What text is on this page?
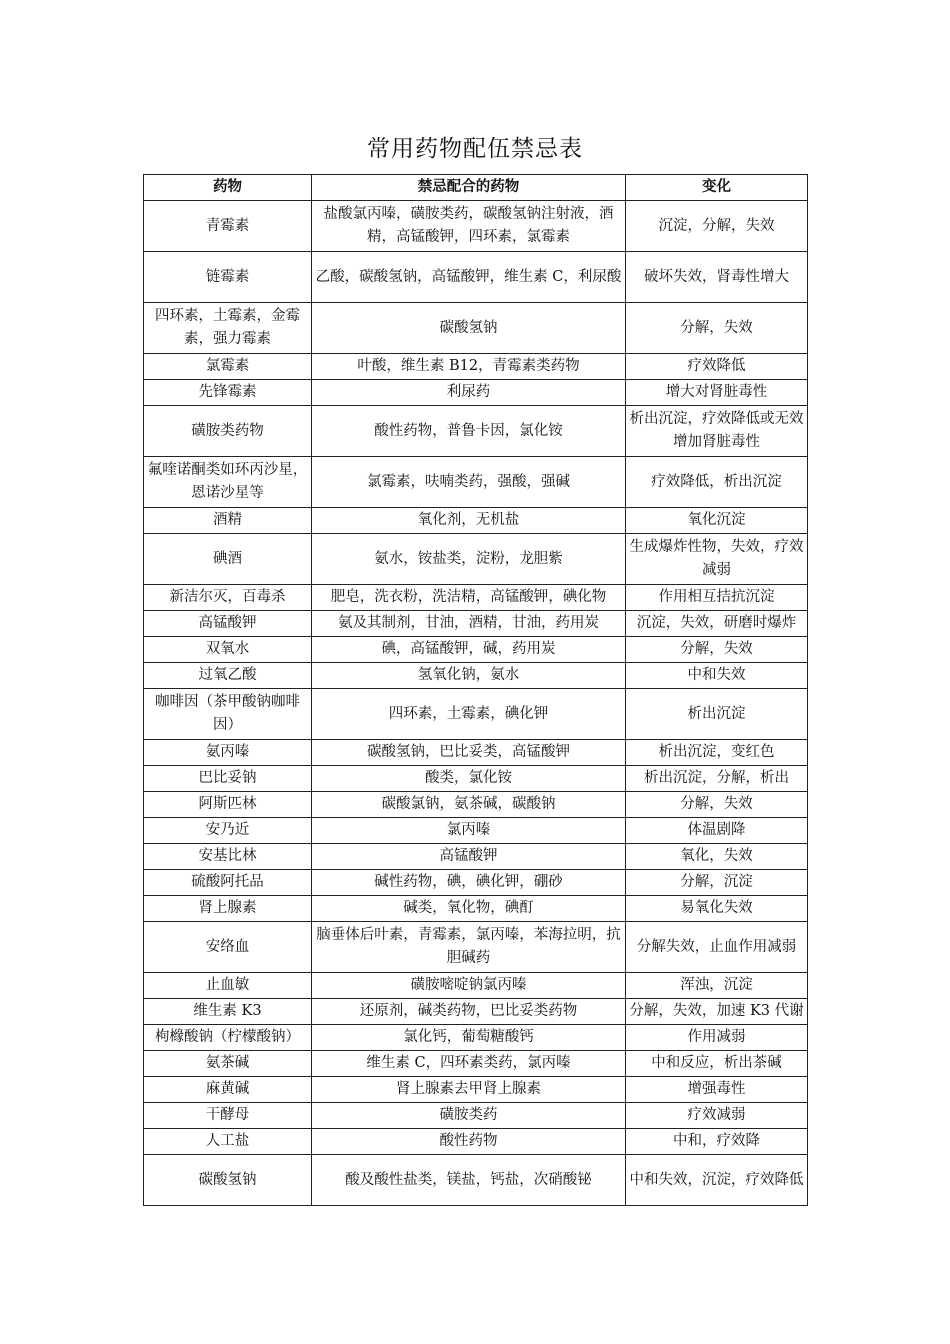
常用药物配伍禁忌表
药物	禁忌配合的药物	变化
青霉素	盐酸氯丙嗪，磺胺类药，碳酸氢钠注射液，酒精，高锰酸钾，四环素，氯霉素	沉淀，分解，失效
链霉素	乙酸，碳酸氢钠，高锰酸钾，维生素 C，利尿酸	破坏失效，肾毒性增大
四环素，土霉素，金霉素，强力霉素	碳酸氢钠	分解，失效
氯霉素	叶酸，维生素 B12，青霉素类药物	疗效降低
先锋霉素	利尿药	增大对肾脏毒性
磺胺类药物	酸性药物，普鲁卡因，氯化铵	析出沉淀，疗效降低或无效增加肾脏毒性
氟喹诺酮类如环丙沙星，恩诺沙星等	氯霉素，呋喃类药，强酸，强碱	疗效降低，析出沉淀
酒精	氧化剂，无机盐	氧化沉淀
碘酒	氨水，铵盐类，淀粉，龙胆紫	生成爆炸性物，失效，疗效减弱
新洁尔灭，百毒杀	肥皂，洗衣粉，洗洁精，高锰酸钾，碘化物	作用相互拮抗沉淀
高锰酸钾	氨及其制剂，甘油，酒精，甘油，药用炭	沉淀，失效，研磨时爆炸
双氧水	碘，高锰酸钾，碱，药用炭	分解，失效
过氧乙酸	氢氧化钠，氨水	中和失效
咖啡因（茶甲酸钠咖啡因）	四环素，土霉素，碘化钾	析出沉淀
氨丙嗪	碳酸氢钠，巴比妥类，高锰酸钾	析出沉淀，变红色
巴比妥钠	酸类，氯化铵	析出沉淀，分解，析出
阿斯匹林	碳酸氯钠，氨茶碱，碳酸钠	分解，失效
安乃近	氯丙嗪	体温剧降
安基比林	高锰酸钾	氧化，失效
硫酸阿托品	碱性药物，碘，碘化钾，硼砂	分解，沉淀
肾上腺素	碱类，氧化物，碘酊	易氧化失效
安络血	脑垂体后叶素，青霉素，氯丙嗪，苯海拉明，抗胆碱药	分解失效，止血作用减弱
止血敏	磺胺嘧啶钠氯丙嗪	浑浊，沉淀
维生素 K3	还原剂，碱类药物，巴比妥类药物	分解，失效，加速 K3 代谢
枸橼酸钠（柠檬酸钠）	氯化钙，葡萄糖酸钙	作用减弱
氨茶碱	维生素 C，四环素类药，氯丙嗪	中和反应，析出茶碱
麻黄碱	肾上腺素去甲肾上腺素	增强毒性
干酵母	磺胺类药	疗效减弱
人工盐	酸性药物	中和，疗效降
碳酸氢钠	酸及酸性盐类，镁盐，钙盐，次硝酸铋	中和失效，沉淀，疗效降低
